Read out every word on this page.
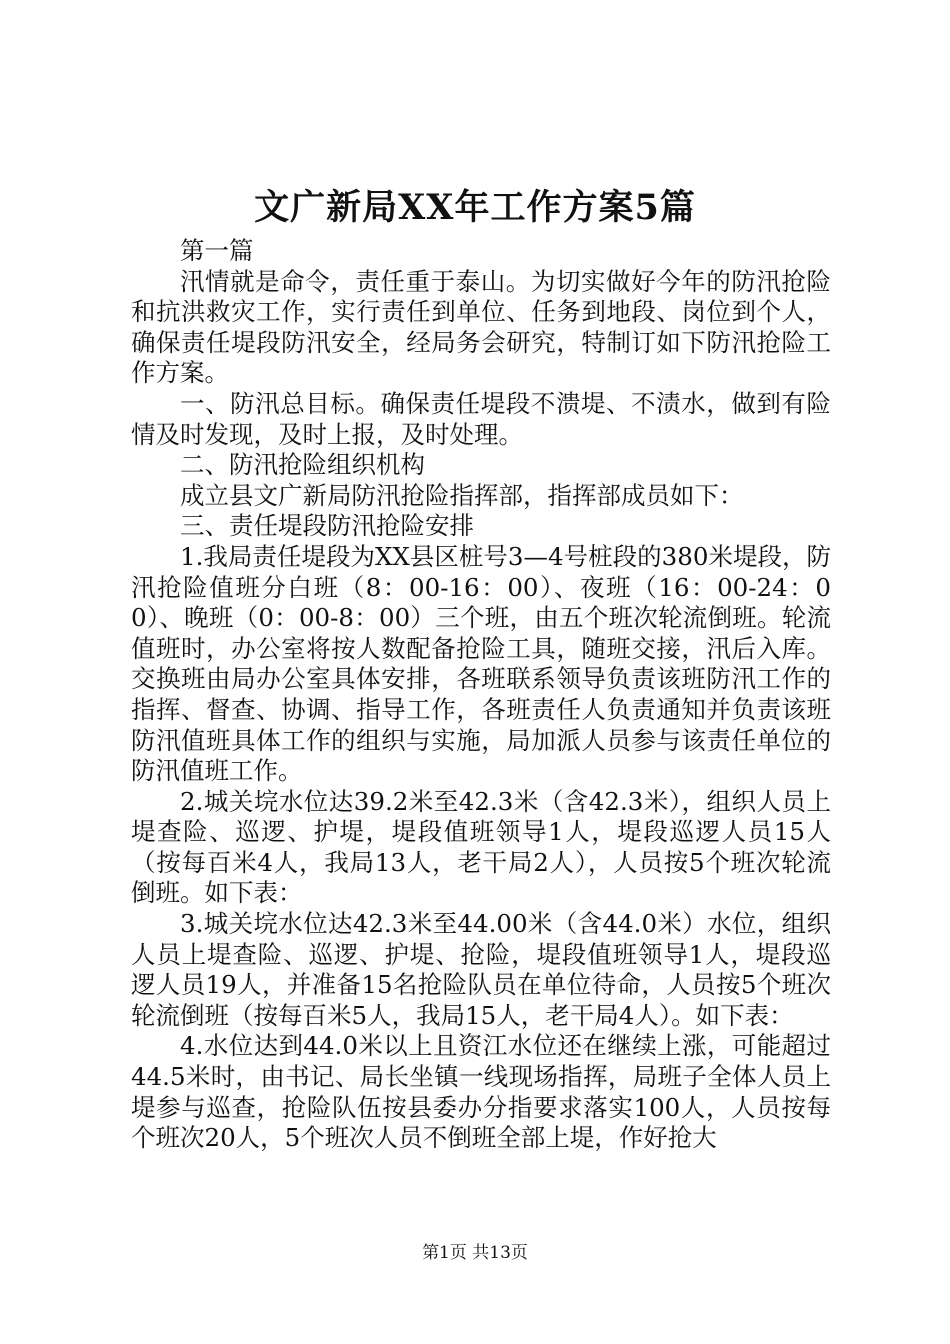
文广新局XX年工作方案5篇

第一篇

汛情就是命令，责任重于泰山。为切实做好今年的防汛抢险和抗洪救灾工作，实行责任到单位、任务到地段、岗位到个人，确保责任堤段防汛安全，经局务会研究，特制订如下防汛抢险工作方案。

一、防汛总目标。确保责任堤段不溃堤、不渍水，做到有险情及时发现，及时上报，及时处理。

二、防汛抢险组织机构

成立县文广新局防汛抢险指挥部，指挥部成员如下：

三、责任堤段防汛抢险安排

1.我局责任堤段为XX县区桩号3—4号桩段的380米堤段，防汛抢险值班分白班（8：00-16：00）、夜班（16：00-24：00）、晚班（0：00-8：00）三个班，由五个班次轮流倒班。轮流值班时，办公室将按人数配备抢险工具，随班交接，汛后入库。交换班由局办公室具体安排，各班联系领导负责该班防汛工作的指挥、督查、协调、指导工作，各班责任人负责通知并负责该班防汛值班具体工作的组织与实施，局加派人员参与该责任单位的防汛值班工作。

2.城关垸水位达39.2米至42.3米（含42.3米），组织人员上堤查险、巡逻、护堤，堤段值班领导1人，堤段巡逻人员15人（按每百米4人，我局13人，老干局2人），人员按5个班次轮流倒班。如下表：

3.城关垸水位达42.3米至44.00米（含44.0米）水位，组织人员上堤查险、巡逻、护堤、抢险，堤段值班领导1人，堤段巡逻人员19人，并准备15名抢险队员在单位待命，人员按5个班次轮流倒班（按每百米5人，我局15人，老干局4人）。如下表：

4.水位达到44.0米以上且资江水位还在继续上涨，可能超过44.5米时，由书记、局长坐镇一线现场指挥，局班子全体人员上堤参与巡查，抢险队伍按县委办分指要求落实100人，人员按每个班次20人，5个班次人员不倒班全部上堤，作好抢大

第1页 共13页
